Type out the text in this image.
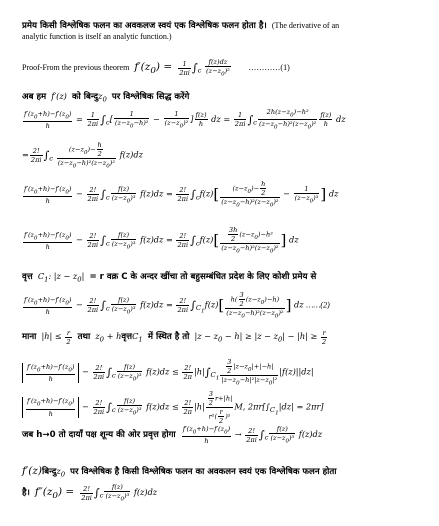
प्रमेय किसी विश्लेषिक फलन का अवकलज स्वयं एक विश्लेषिक फलन होता है। (The derivative of an
analytic function is itself an analytic function.)
Proof-From the previous theorem $f'(z_0) = \frac{1}{2\pi i} \int_c \frac{f(z)dz}{(z-z_0)^2}$ …………(1)
अब हम f′(z) को $बिन्दुz_0$ पर विश्लेषिक सिद्ध करेंगे
$\frac{f'(z_0+h)-f'(z_0)}{h} = \frac{1}{2\pi i} \int_c[ \frac{1}{(z-z_0-h)^2} - \frac{1}{(z-z_0)^2}$ ] $\frac{f(z)}{h}$ dz = $\frac{1}{2\pi i} \int_c \frac{2h(z-z_0)-h^2}{(z-z_0-h)^2(z-z_0)^2} \frac{f(z)}{h}$ dz
= $\frac{2!}{2\pi i} \int_c \frac{(z-z_0)- \frac{h}{2}}{(z-z_0-h)^2(z-z_0)^2} f(z)dz$
$\frac{f'(z_0+h)-f'(z_0)}{h} - \frac{2!}{2\pi i} \int_c \frac{f(z)}{(z-z_0)^3} f(z)dz = \frac{2!}{2\pi i} \int_cf(z)[ \frac{(z-z_0)- \frac{h}{2}}{(z-z_0-h)^2(z-z_0)^2} - \frac{1}{(z-z_0)^3}$ ] dz
$\frac{f'(z_0+h)-f'(z_0)}{h} - \frac{2!}{2\pi i} \int_c \frac{f(z)}{(z-z_0)^3} f(z)dz = \frac{2!}{2\pi i} \int_cf(z)[ \frac{\frac{3h}{2} (z-z_0)-h^2}{(z-z_0-h)^2(z-z_0)^2}$ ] dz
वृत्त $C_1$: $|z - z_0| = r$ वक्र C के अन्दर खींचा तो बहुसम्बंधित प्रदेश के लिए कोशी प्रमेय से
$\frac{f'(z_0+h)-f'(z_0)}{h} - \frac{2!}{2\pi i} \int_c \frac{f(z)}{(z-z_0)^3} f(z)dz = \frac{2!}{2\pi i} \int_{C_1}f(z)[ \frac{h( \frac{3}{2} (z-z_0)-h)}{(z-z_0-h)^2(z-z_0)^2}$ ] dz ……(2)
माना $|h| \le \frac{r}{2}$ तथा $z_0$ + hवृत्तC$_1$ में स्थित है तो $|z - z_0 - h| \ge |z - z_0| - |h| \ge \frac{r}{2}$
$\frac{f'(z_0+h)-f'(z_0)}{h} - \frac{2!}{2\pi i} \int_c \frac{f(z)}{(z-z_0)^3} f(z)dz \le \frac{2!}{2\pi} |h|\int_{C_1} \frac{\frac{3}{2} |z-z_0|+|-h|}{|z-z_0-h|^2|z-z_0|^2} |f(z)||dz|$
$\frac{f'(z_0+h)-f'(z_0)}{h} - \frac{2!}{2\pi i} \int_c \frac{f(z)}{(z-z_0)^3} f(z)dz \le \frac{2!}{2\pi} |h| \frac{\frac{3}{2} r+|h|}{r^2( \frac{r}{2} )^2} M$, $2\pi r[\int_{C_1}|dz| = 2\pi r]$
जब h→0 तो दायाँ पक्ष शून्य की ओर प्रवृत्त होगा $\frac{f'(z_0+h)-f'(z_0)}{h} \to \frac{2!}{2\pi i} \int_c \frac{f(z)}{(z-z_0)^3} f(z)dz$
$f'(z)बिन्दुz_0$ पर विश्लेषिक है किसी विश्लेषिक फलन का अवकलन स्वयं एक विश्लेषिक फलन होता
है। $f''(z_0) = \frac{2!}{2\pi i} \int_c \frac{f(z)}{(z-z_0)^3} f(z)dz$
